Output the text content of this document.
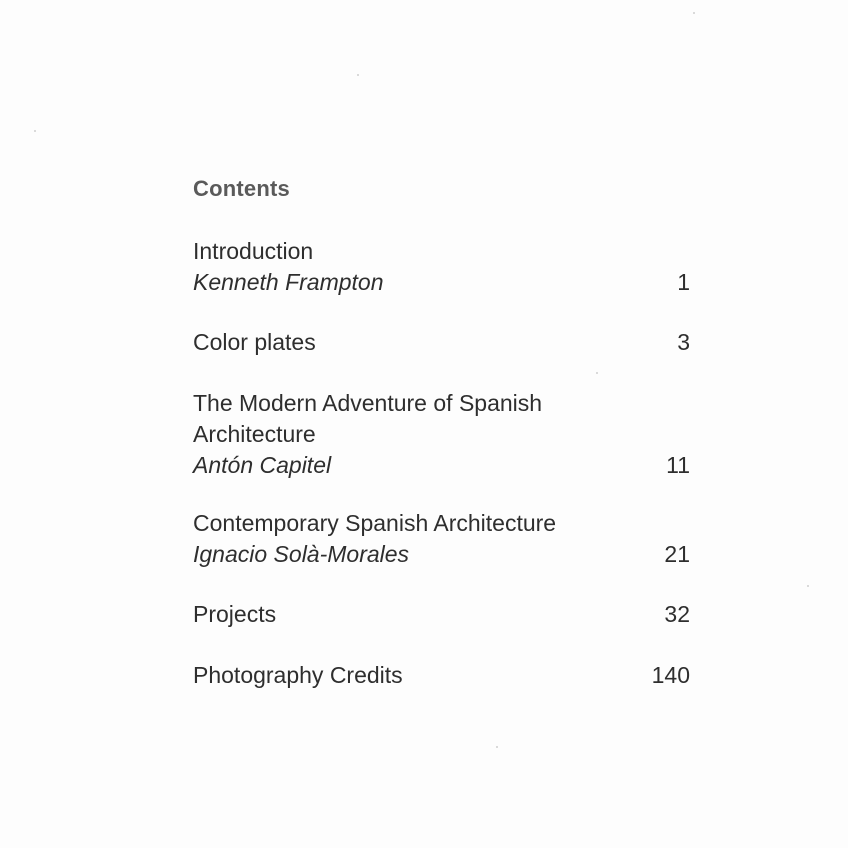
Contents
Introduction
Kenneth Frampton	1
Color plates	3
The Modern Adventure of Spanish
Architecture
Antón Capitel	11
Contemporary Spanish Architecture
Ignacio Solà-Morales	21
Projects	32
Photography Credits	140
